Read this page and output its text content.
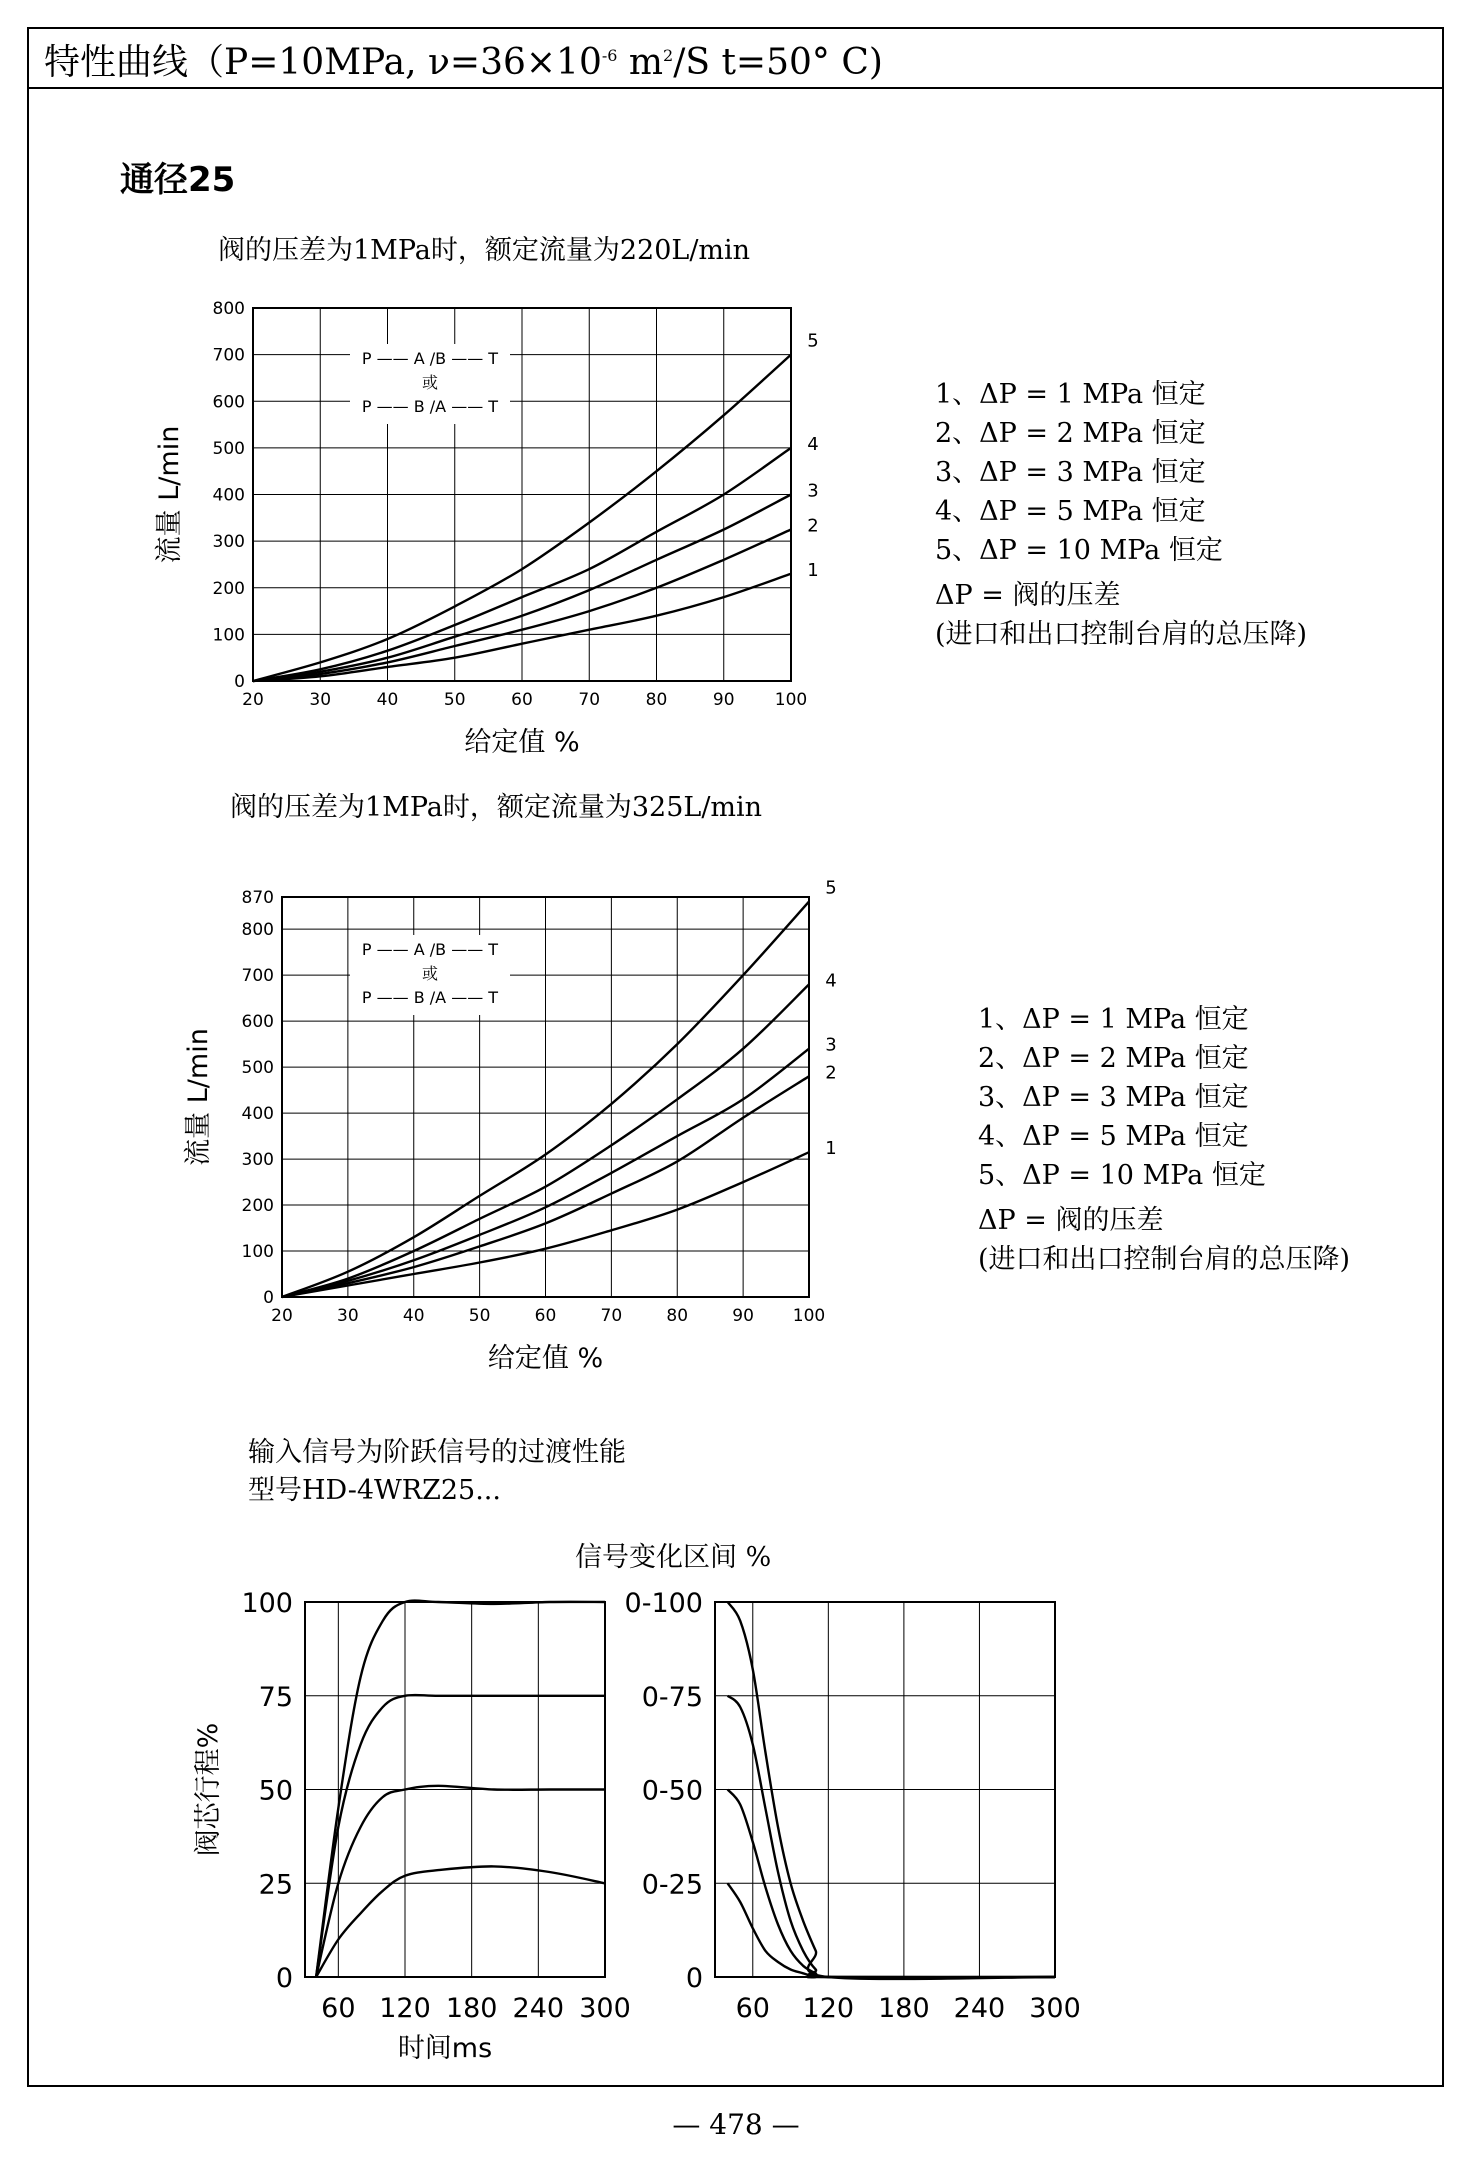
特性曲线（P=10MPa, $\nu=36\times 10^{-6}$ $m^2/S$ t=50° C)
通径25
阀的压差为1MPa时，额定流量为220L/min
阀的压差为1MPa时，额定流量为325L/min
1、ΔP = 1 MPa 恒定
2、ΔP = 2 MPa 恒定
3、ΔP = 3 MPa 恒定
4、ΔP = 5 MPa 恒定
5、ΔP = 10 MPa 恒定
ΔP = 阀的压差
(进口和出口控制台肩的总压降)
1、ΔP = 1 MPa 恒定
2、ΔP = 2 MPa 恒定
3、ΔP = 3 MPa 恒定
4、ΔP = 5 MPa 恒定
5、ΔP = 10 MPa 恒定
ΔP = 阀的压差
(进口和出口控制台肩的总压降)
输入信号为阶跃信号的过渡性能
型号HD-4WRZ25...
信号变化区间 %
20	30	40	50	60	70	80	90 100
0
100
200
300
400
500
600
700
800
给定值 %
流量 L/min
P —— A /B —— T
或
P —— B /A —— T
1
2
3
4
5
20	30	40	50	60	70	80	90 100
0
100
200
300
400
500
600
700
800
870
给定值 %
流量 L/min
P —— A /B —— T
或
P —— B /A —— T
1
2
3
4
5
60 120 180 240 300
0
25
50
75
100
时间ms
阀芯行程%
60 120 180 240 300
0
0-25
0-50
0-75
0-100
— 478 —
